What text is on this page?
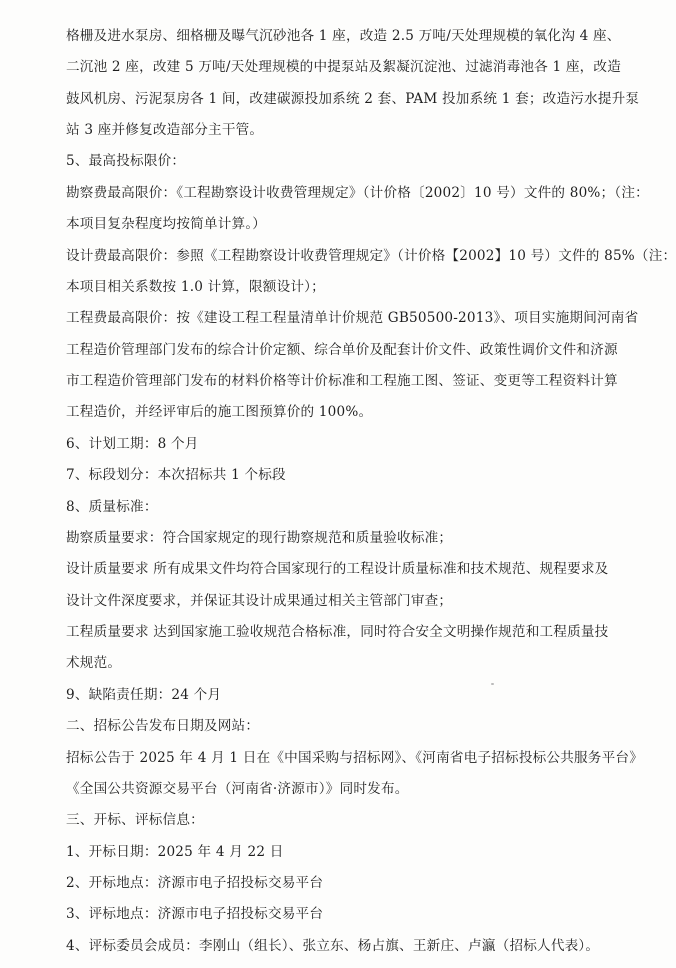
格栅及进水泵房、细格栅及曝气沉砂池各 1 座，改造 2.5 万吨/天处理规模的氧化沟 4 座、
二沉池 2 座，改建 5 万吨/天处理规模的中提泵站及絮凝沉淀池、过滤消毒池各 1 座，改造
鼓风机房、污泥泵房各 1 间，改建碳源投加系统 2 套、PAM 投加系统 1 套；改造污水提升泵
站 3 座并修复改造部分主干管。
5、最高投标限价：
勘察费最高限价：《工程勘察设计收费管理规定》（计价格〔2002〕10 号）文件的 80%；（注：
本项目复杂程度均按简单计算。）
设计费最高限价：参照《工程勘察设计收费管理规定》（计价格【2002】10 号）文件的 85%（注：
本项目相关系数按 1.0 计算，限额设计）；
工程费最高限价：按《建设工程工程量清单计价规范 GB50500-2013》、项目实施期间河南省
工程造价管理部门发布的综合计价定额、综合单价及配套计价文件、政策性调价文件和济源
市工程造价管理部门发布的材料价格等计价标准和工程施工图、签证、变更等工程资料计算
工程造价，并经评审后的施工图预算价的 100%。
6、计划工期：8 个月
7、标段划分：本次招标共 1 个标段
8、质量标准：
勘察质量要求：符合国家规定的现行勘察规范和质量验收标准；
设计质量要求 所有成果文件均符合国家现行的工程设计质量标准和技术规范、规程要求及
设计文件深度要求，并保证其设计成果通过相关主管部门审查；
工程质量要求 达到国家施工验收规范合格标准，同时符合安全文明操作规范和工程质量技
术规范。
9、缺陷责任期：24 个月
二、招标公告发布日期及网站：
招标公告于 2025 年 4 月 1 日在《中国采购与招标网》、《河南省电子招标投标公共服务平台》
《全国公共资源交易平台（河南省·济源市）》同时发布。
三、开标、评标信息：
1、开标日期：2025 年 4 月 22 日
2、开标地点：济源市电子招投标交易平台
3、评标地点：济源市电子招投标交易平台
4、评标委员会成员：李刚山（组长）、张立东、杨占旗、王新庄、卢瀛（招标人代表）。
